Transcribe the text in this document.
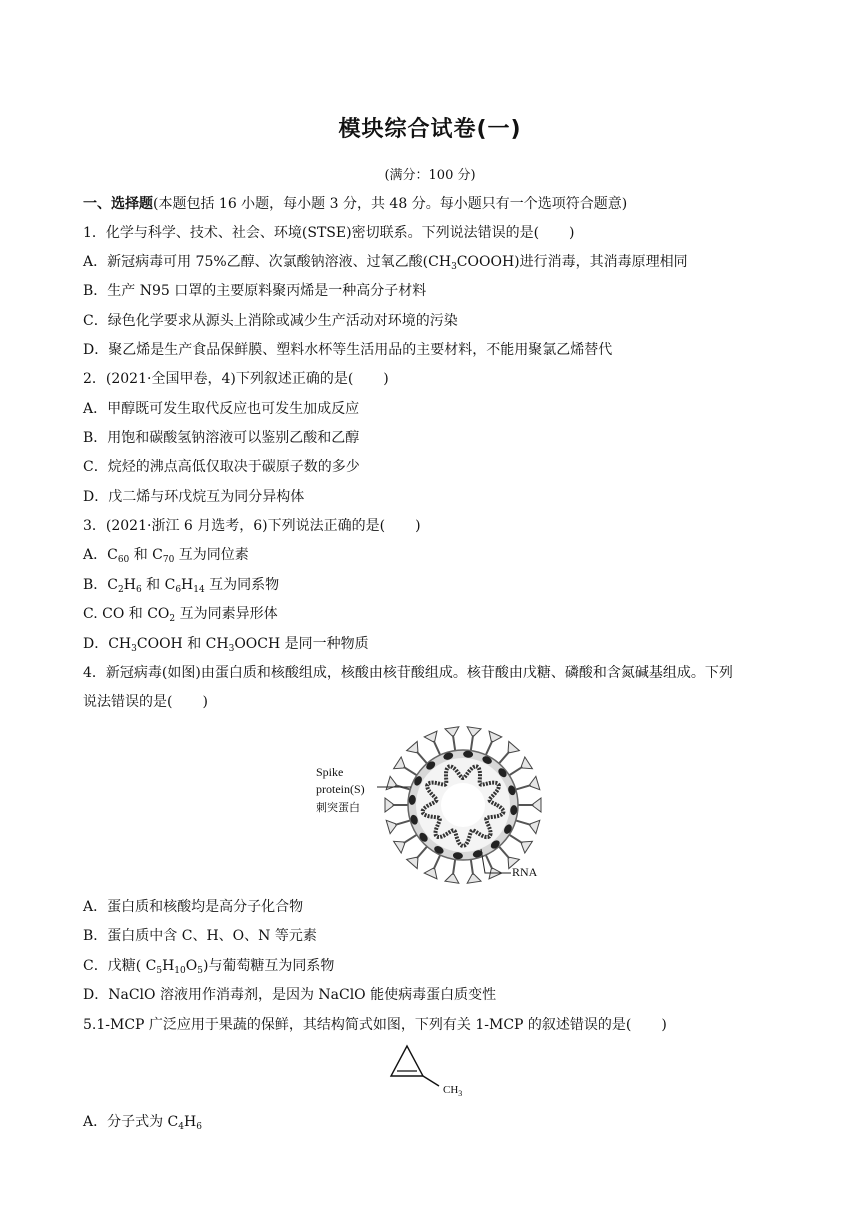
模块综合试卷(一)
(满分：100 分)
一、选择题(本题包括 16 小题，每小题 3 分，共 48 分。每小题只有一个选项符合题意)
1．化学与科学、技术、社会、环境(STSE)密切联系。下列说法错误的是( )
A．新冠病毒可用 75%乙醇、次氯酸钠溶液、过氧乙酸$(CH_3COOOH)$进行消毒，其消毒原理相同
B．生产 N95 口罩的主要原料聚丙烯是一种高分子材料
C．绿色化学要求从源头上消除或减少生产活动对环境的污染
D．聚乙烯是生产食品保鲜膜、塑料水杯等生活用品的主要材料，不能用聚氯乙烯替代
2．(2021·全国甲卷，4)下列叙述正确的是( )
A．甲醇既可发生取代反应也可发生加成反应
B．用饱和碳酸氢钠溶液可以鉴别乙酸和乙醇
C．烷烃的沸点高低仅取决于碳原子数的多少
D．戊二烯与环戊烷互为同分异构体
3．(2021·浙江 6 月选考，6)下列说法正确的是( )
A．$C_{60}$ 和 $C_{70}$ 互为同位素
B．$C_2H_6$ 和 $C_6H_{14}$ 互为同系物
C. CO 和 $CO_2$ 互为同素异形体
D．$CH_3COOH$ 和 $CH_3OOCH$ 是同一种物质
4．新冠病毒(如图)由蛋白质和核酸组成，核酸由核苷酸组成。核苷酸由戊糖、磷酸和含氮碱基组成。下列
说法错误的是( )
Spike
protein(S)
刺突蛋白
RNA
A．蛋白质和核酸均是高分子化合物
B．蛋白质中含 C、H、O、N 等元素
C．戊糖( $C_5H_{10}O_5$)与葡萄糖互为同系物
D．NaClO 溶液用作消毒剂，是因为 NaClO 能使病毒蛋白质变性
5.1-MCP 广泛应用于果蔬的保鲜，其结构简式如图，下列有关 1-MCP 的叙述错误的是( )
$CH_3$
A．分子式为 $C_4H_6$
